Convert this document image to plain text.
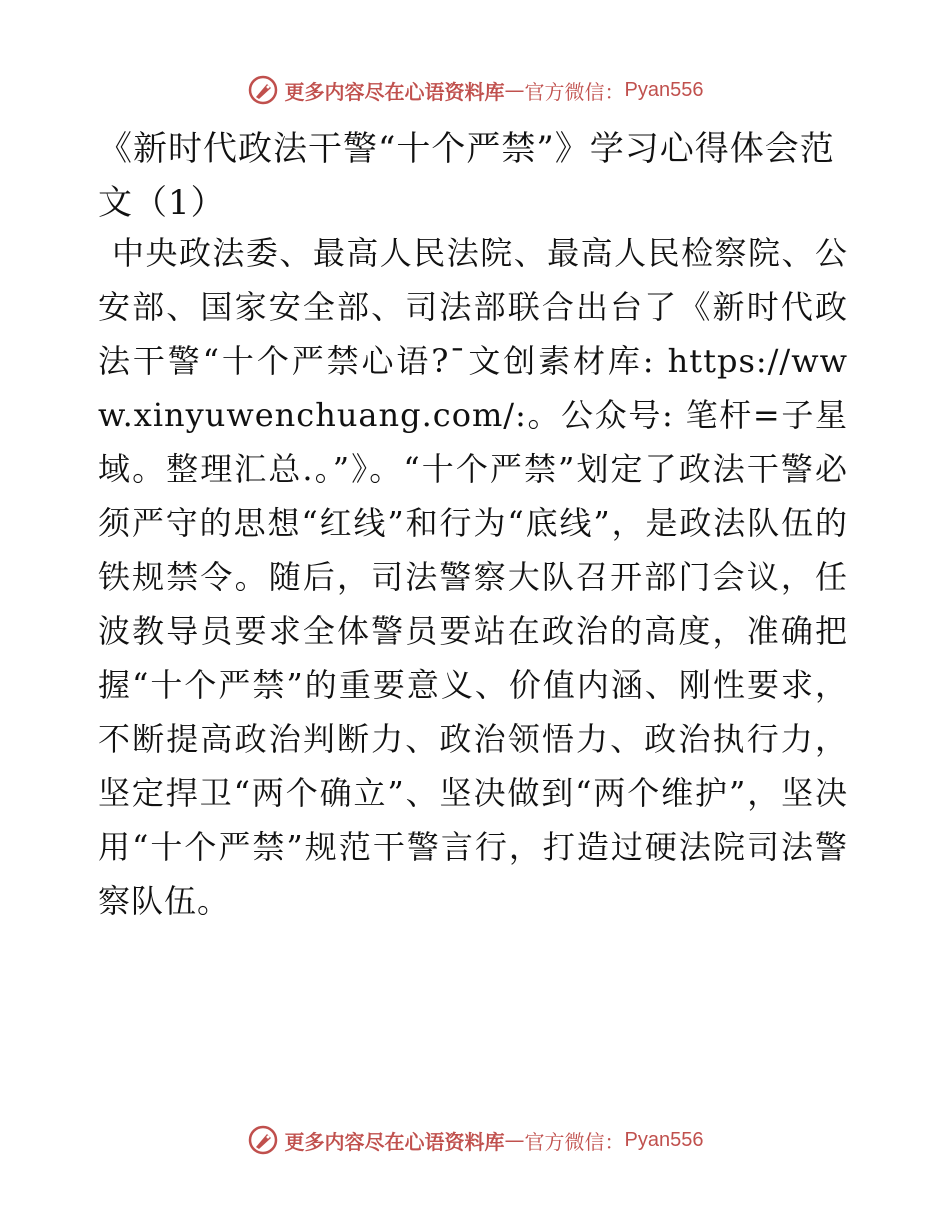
更多内容尽在心语资料库 — 官方微信： Pyan556
《新时代政法干警“十个严禁”》学习心得体会范文（1）

中央政法委、最高人民法院、最高人民检察院、公安部、国家安全部、司法部联合出台了《新时代政法干警“十个严禁心语?¯文创素材库: https://www.xinyuwenchuang.com/:。公众号: 笔杆=子星域。整理汇总.。”》。“十个严禁”划定了政法干警必须严守的思想“红线”和行为“底线”，是政法队伍的铁规禁令。随后，司法警察大队召开部门会议，任波教导员要求全体警员要站在政治的高度，准确把握“十个严禁”的重要意义、价值内涵、刚性要求，不断提高政治判断力、政治领悟力、政治执行力，坚定捍卫“两个确立”、坚决做到“两个维护”，坚决用“十个严禁”规范干警言行，打造过硬法院司法警察队伍。

更多内容尽在心语资料库 — 官方微信： Pyan556
